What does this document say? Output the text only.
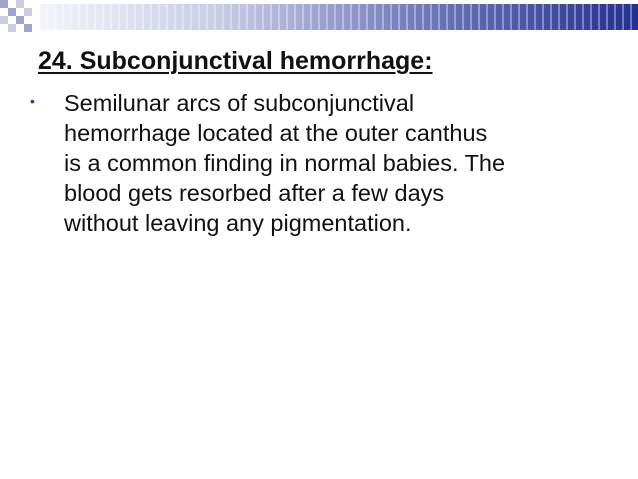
24. Subconjunctival hemorrhage:
• Semilunar arcs of subconjunctival
hemorrhage located at the outer canthus
is a common finding in normal babies. The
blood gets resorbed after a few days
without leaving any pigmentation.
